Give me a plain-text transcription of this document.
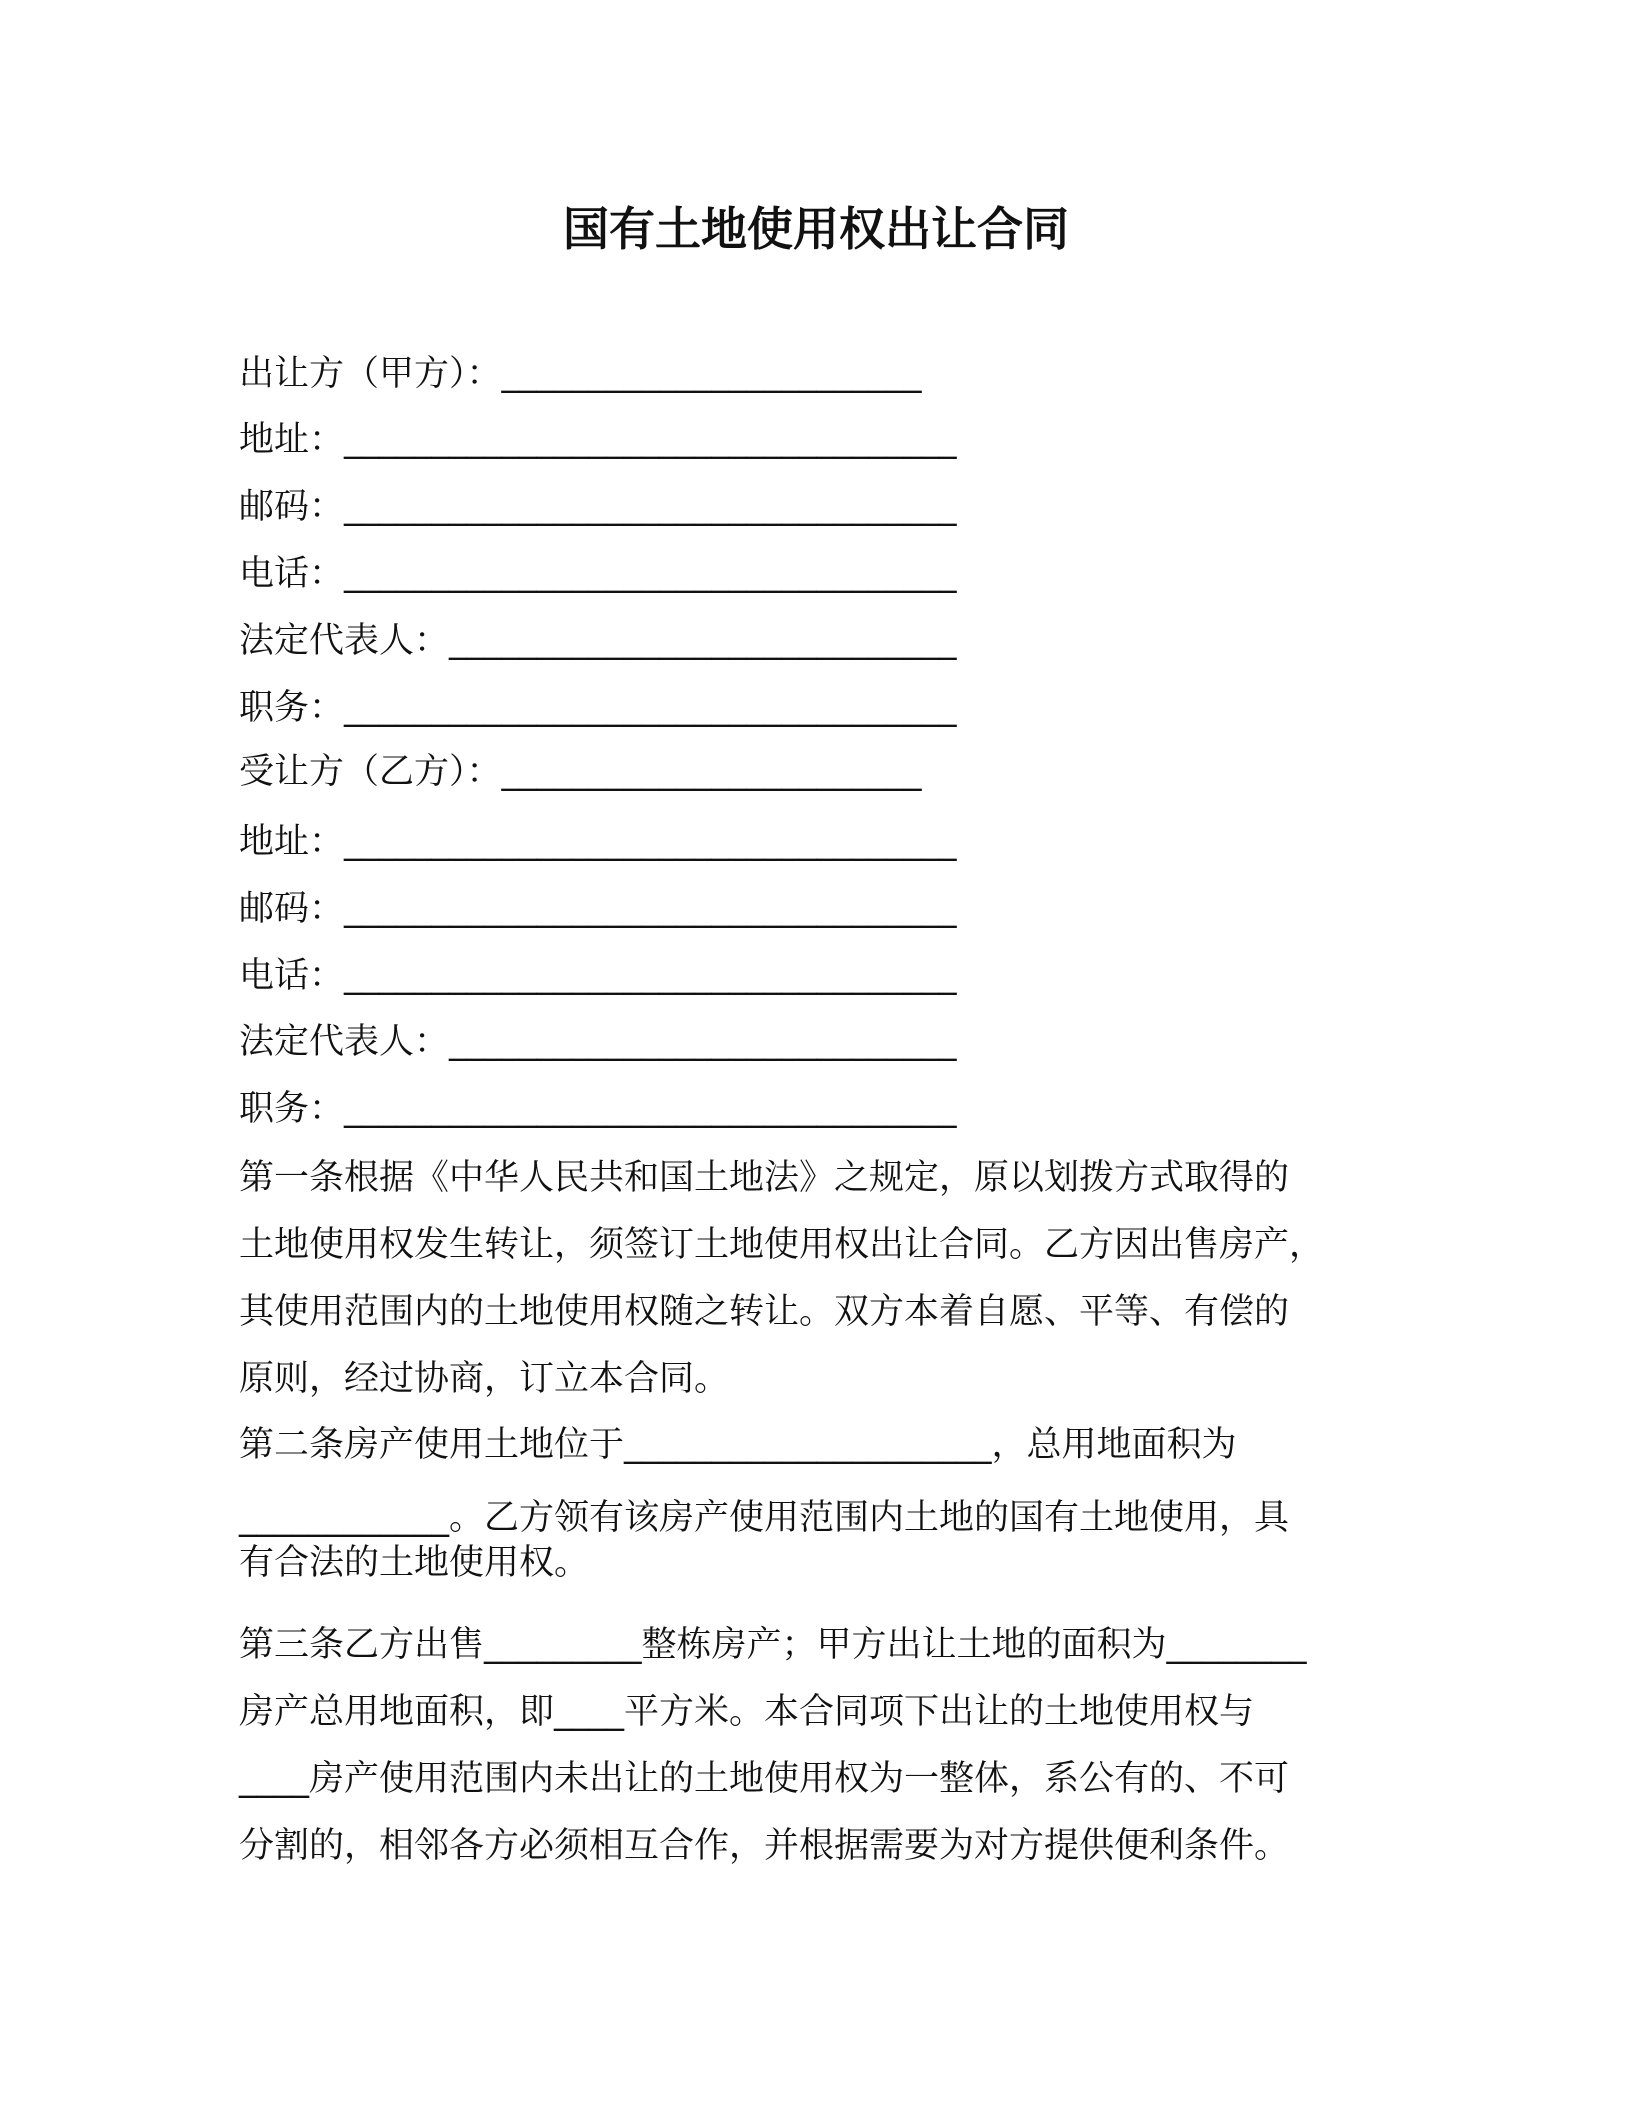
国有土地使用权出让合同

出让方（甲方）：________________________

地址：___________________________________

邮码：___________________________________

电话：___________________________________

法定代表人：_____________________________

职务：___________________________________

受让方（乙方）：________________________

地址：___________________________________

邮码：___________________________________

电话：___________________________________

法定代表人：_____________________________

职务：___________________________________

第一条根据《中华人民共和国土地法》之规定，原以划拨方式取得的
土地使用权发生转让，须签订土地使用权出让合同。乙方因出售房产，
其使用范围内的土地使用权随之转让。双方本着自愿、平等、有偿的
原则，经过协商，订立本合同。
第二条房产使用土地位于_____________________，总用地面积为
____________。乙方领有该房产使用范围内土地的国有土地使用，具
有合法的土地使用权。
第三条乙方出售_________整栋房产；甲方出让土地的面积为________
房产总用地面积，即____平方米。本合同项下出让的土地使用权与
____房产使用范围内未出让的土地使用权为一整体，系公有的、不可
分割的，相邻各方必须相互合作，并根据需要为对方提供便利条件。
